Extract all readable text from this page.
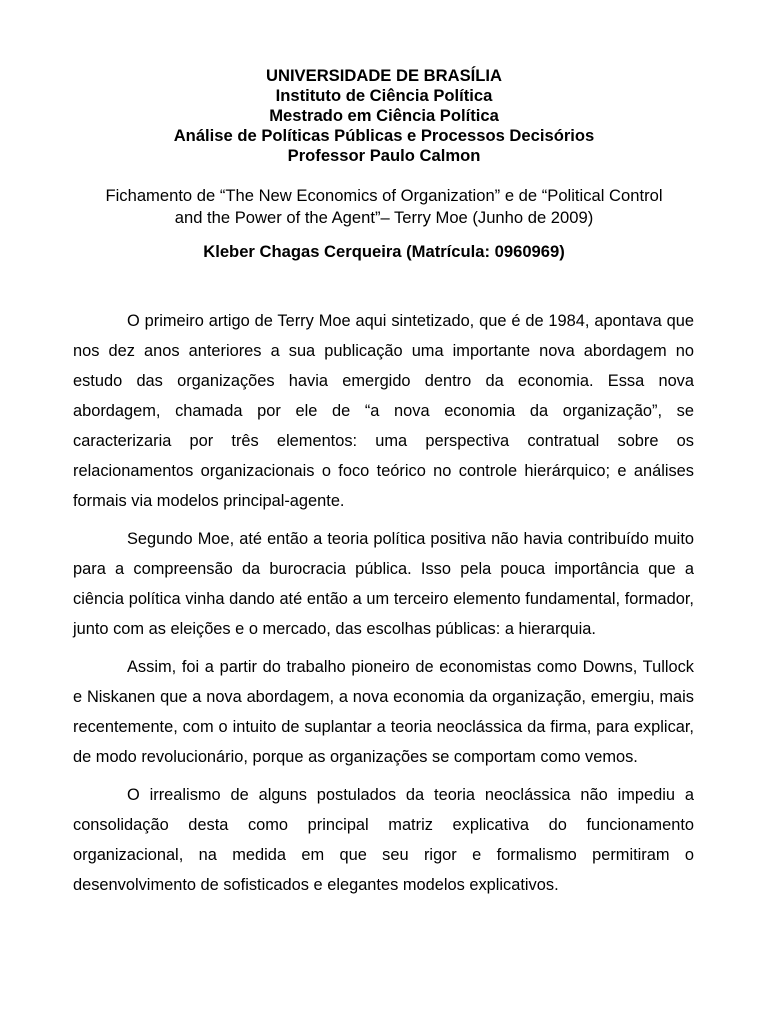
UNIVERSIDADE DE BRASÍLIA

Instituto de Ciência Política

Mestrado em Ciência Política

Análise de Políticas Públicas e Processos Decisórios

Professor Paulo Calmon

Fichamento de “The New Economics of Organization” e de “Political Control

and the Power of the Agent”– Terry Moe (Junho de 2009)

Kleber Chagas Cerqueira (Matrícula: 0960969)

O primeiro artigo de Terry Moe aqui sintetizado, que é de 1984, apontava que nos dez anos anteriores a sua publicação uma importante nova abordagem no estudo das organizações havia emergido dentro da economia. Essa nova abordagem, chamada por ele de “a nova economia da organização”, se caracterizaria por três elementos: uma perspectiva contratual sobre os relacionamentos organizacionais o foco teórico no controle hierárquico; e análises formais via modelos principal-agente.

Segundo Moe, até então a teoria política positiva não havia contribuído muito para a compreensão da burocracia pública. Isso pela pouca importância que a ciência política vinha dando até então a um terceiro elemento fundamental, formador, junto com as eleições e o mercado, das escolhas públicas: a hierarquia.

Assim, foi a partir do trabalho pioneiro de economistas como Downs, Tullock e Niskanen que a nova abordagem, a nova economia da organização, emergiu, mais recentemente, com o intuito de suplantar a teoria neoclássica da firma, para explicar, de modo revolucionário, porque as organizações se comportam como vemos.

O irrealismo de alguns postulados da teoria neoclássica não impediu a consolidação desta como principal matriz explicativa do funcionamento organizacional, na medida em que seu rigor e formalismo permitiram o desenvolvimento de sofisticados e elegantes modelos explicativos.
